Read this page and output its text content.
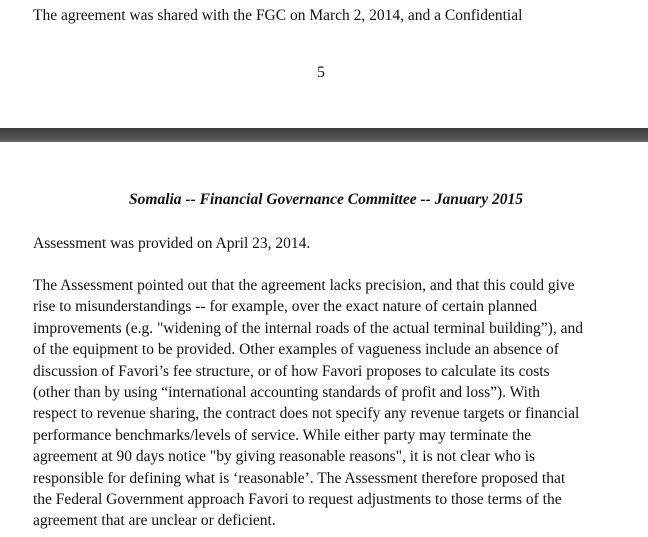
The agreement was shared with the FGC on March 2, 2014, and a Confidential
5
Somalia -- Financial Governance Committee -- January 2015
Assessment was provided on April 23, 2014.
The Assessment pointed out that the agreement lacks precision, and that this could give
rise to misunderstandings -- for example, over the exact nature of certain planned
improvements (e.g. "widening of the internal roads of the actual terminal building”), and
of the equipment to be provided. Other examples of vagueness include an absence of
discussion of Favori’s fee structure, or of how Favori proposes to calculate its costs
(other than by using “international accounting standards of profit and loss”). With
respect to revenue sharing, the contract does not specify any revenue targets or financial
performance benchmarks/levels of service. While either party may terminate the
agreement at 90 days notice "by giving reasonable reasons", it is not clear who is
responsible for defining what is ‘reasonable’. The Assessment therefore proposed that
the Federal Government approach Favori to request adjustments to those terms of the
agreement that are unclear or deficient.
